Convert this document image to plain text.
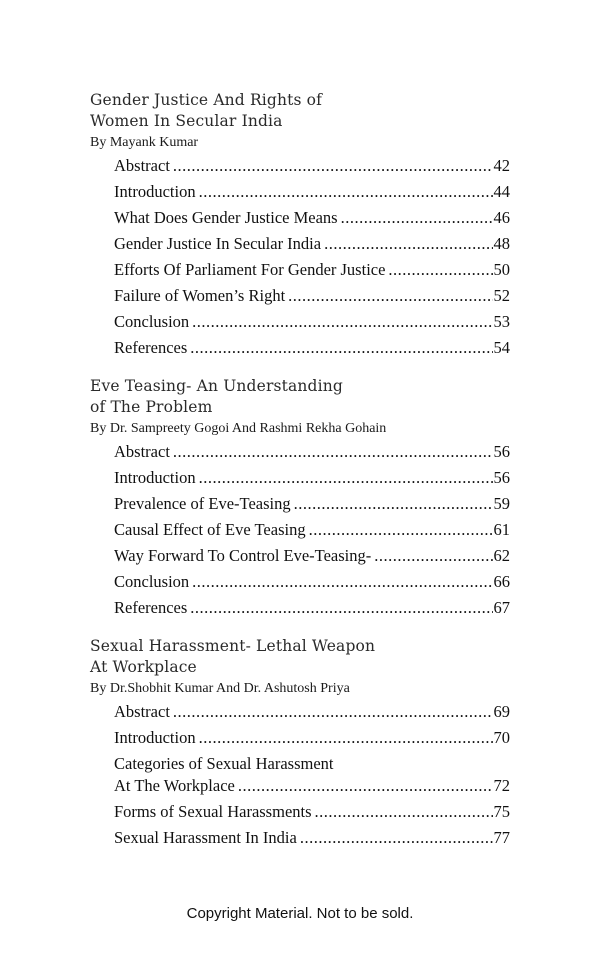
Gender Justice And Rights of
Women In Secular India
By Mayank Kumar
Abstract .....	42
Introduction .....	44
What Does Gender Justice Means .....	46
Gender Justice In Secular India .....	48
Efforts Of Parliament For Gender Justice .....	50
Failure of Women’s Right .....	52
Conclusion .....	53
References .....	54
Eve Teasing- An Understanding
of The Problem
By Dr. Sampreety Gogoi And Rashmi Rekha Gohain
Abstract .....	56
Introduction .....	56
Prevalence of Eve-Teasing .....	59
Causal Effect of Eve Teasing .....	61
Way Forward To Control Eve-Teasing- .....	62
Conclusion .....	66
References .....	67
Sexual Harassment- Lethal Weapon
At Workplace
By Dr.Shobhit Kumar And Dr. Ashutosh Priya
Abstract .....	69
Introduction .....	70
Categories of Sexual Harassment
At The Workplace .....	72
Forms of Sexual Harassments .....	75
Sexual Harassment In India .....	77
Copyright Material. Not to be sold.
